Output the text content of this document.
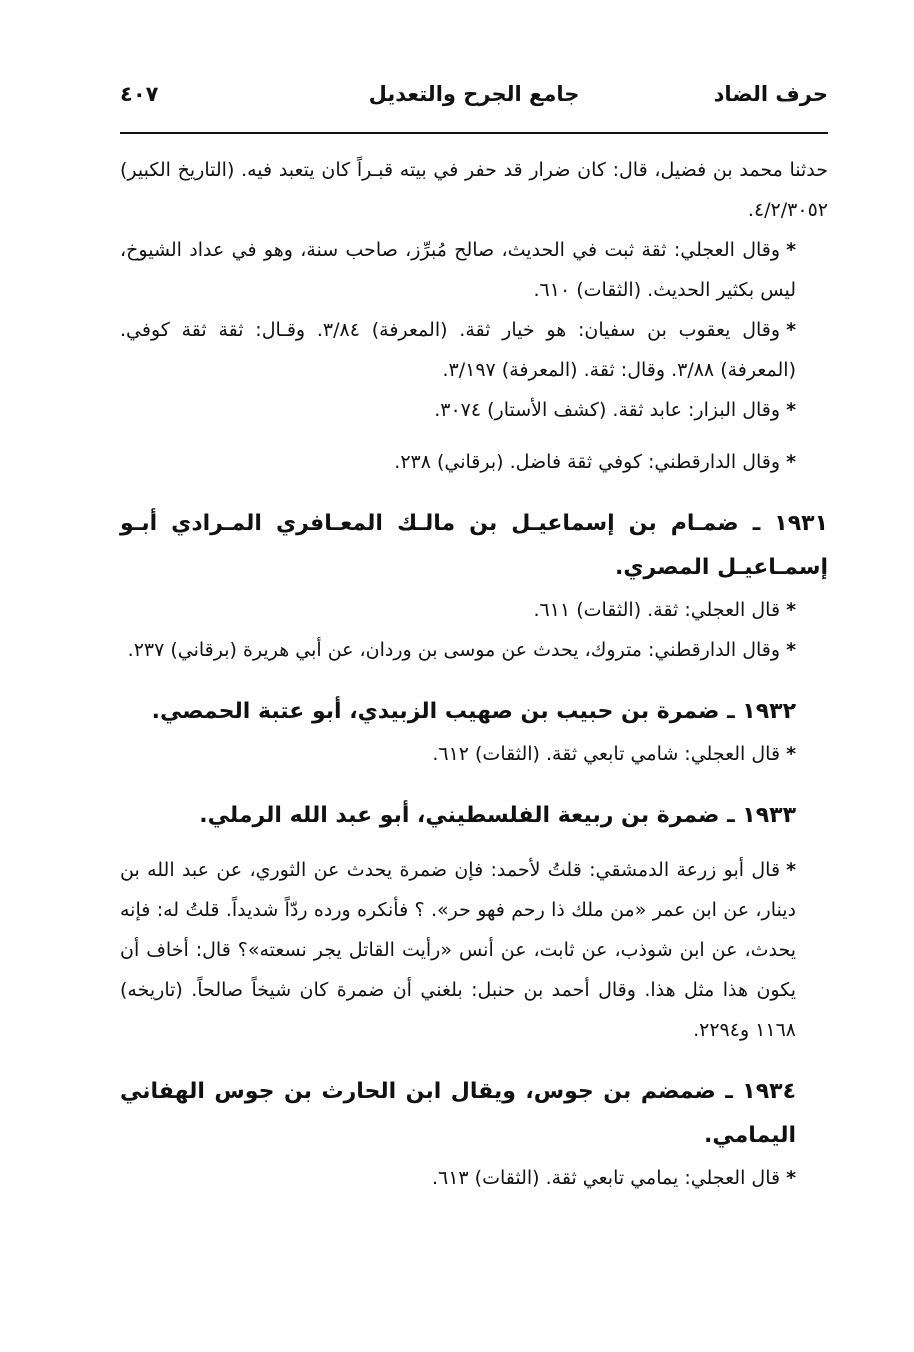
حرف الضاد
جامع الجرح والتعديل
٤٠٧

حدثنا محمد بن فضيل، قال: كان ضرار قد حفر في بيته قبـراً كان يتعبد فيه. (التاريخ الكبير) ٤/٢/٣٠٥٢.

*وقال العجلي: ثقة ثبت في الحديث، صالح مُبرِّز، صاحب سنة، وهو في عداد الشيوخ، ليس بكثير الحديث. (الثقات) ٦١٠.

*وقال يعقوب بن سفيان: هو خيار ثقة. (المعرفة) ٣/٨٤. وقـال: ثقة ثقة كوفي. (المعرفة) ٣/٨٨. وقال: ثقة. (المعرفة) ٣/١٩٧.

*وقال البزار: عابد ثقة. (كشف الأستار) ٣٠٧٤.

*وقال الدارقطني: كوفي ثقة فاضل. (برقاني) ٢٣٨.

١٩٣١ ـ ضمـام بن إسماعيـل بن مالـك المعـافري المـرادي أبـو إسمـاعيـل المصري.

*قال العجلي: ثقة. (الثقات) ٦١١.

*وقال الدارقطني: متروك، يحدث عن موسى بن وردان، عن أبي هريرة (برقاني) ٢٣٧.

١٩٣٢ ـ ضمرة بن حبيب بن صهيب الزبيدي، أبو عتبة الحمصي.

*قال العجلي: شامي تابعي ثقة. (الثقات) ٦١٢.

١٩٣٣ ـ ضمرة بن ربيعة الفلسطيني، أبو عبد الله الرملي.

*قال أبو زرعة الدمشقي: قلتُ لأحمد: فإن ضمرة يحدث عن الثوري، عن عبد الله بن دينار، عن ابن عمر «من ملك ذا رحم فهو حر». ؟ فأنكره ورده ردّاً شديداً. قلتُ له: فإنه يحدث، عن ابن شوذب، عن ثابت، عن أنس «رأيت القاتل يجر نسعته»؟ قال: أخاف أن يكون هذا مثل هذا. وقال أحمد بن حنبل: بلغني أن ضمرة كان شيخاً صالحاً. (تاريخه) ١١٦٨ و٢٢٩٤.

١٩٣٤ ـ ضمضم بن جوس، ويقال ابن الحارث بن جوس الهفاني اليمامي.

*قال العجلي: يمامي تابعي ثقة. (الثقات) ٦١٣.
